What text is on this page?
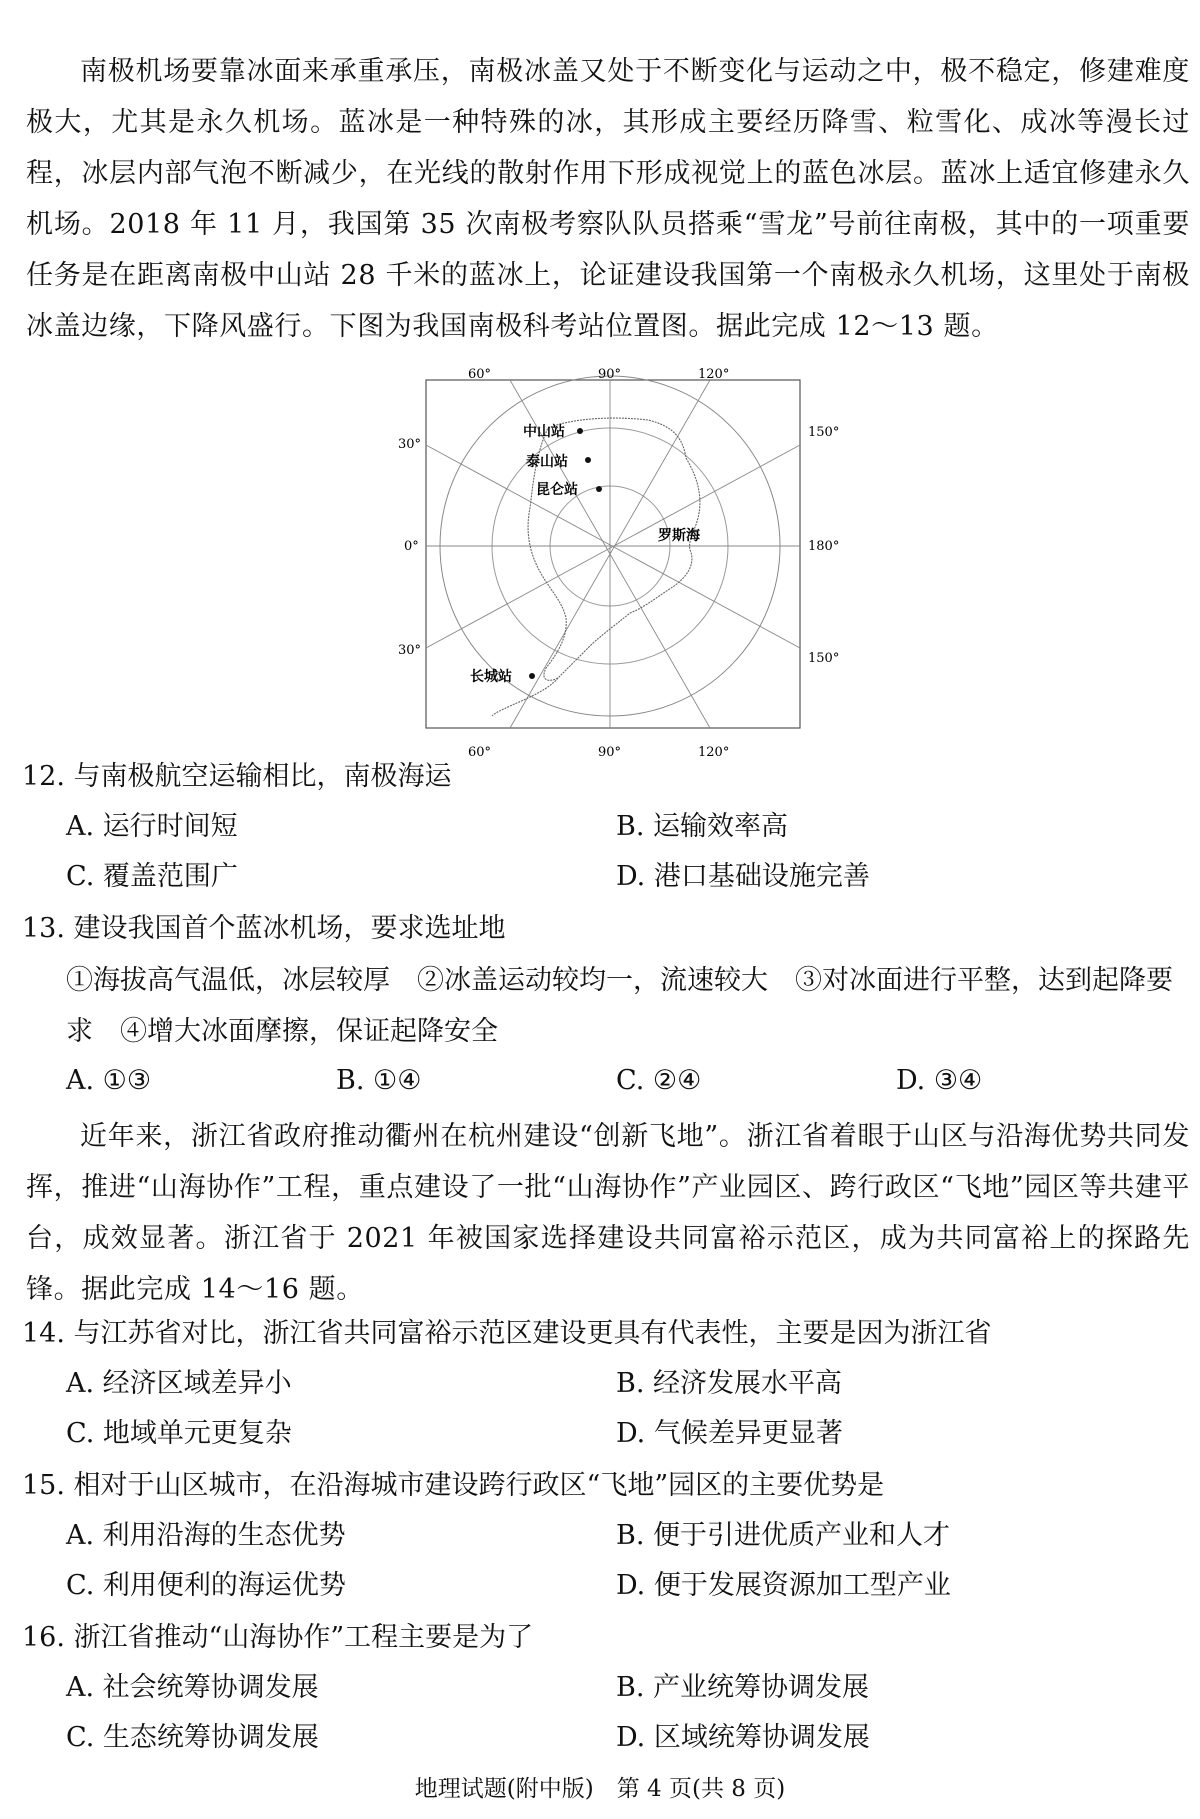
南极机场要靠冰面来承重承压，南极冰盖又处于不断变化与运动之中，极不稳定，修建难度极大，尤其是永久机场。蓝冰是一种特殊的冰，其形成主要经历降雪、粒雪化、成冰等漫长过程，冰层内部气泡不断减少，在光线的散射作用下形成视觉上的蓝色冰层。蓝冰上适宜修建永久机场。2018 年 11 月，我国第 35 次南极考察队队员搭乘“雪龙”号前往南极，其中的一项重要任务是在距离南极中山站 28 千米的蓝冰上，论证建设我国第一个南极永久机场，这里处于南极冰盖边缘，下降风盛行。下图为我国南极科考站位置图。据此完成 12～13 题。

60°	90°	120°
60°	90°	120°
30°
0°
30°
150°
180°
150°
中山站
泰山站
昆仑站
长城站
罗斯海
12. 与南极航空运输相比，南极海运
A. 运行时间短	B. 运输效率高
C. 覆盖范围广	D. 港口基础设施完善
13. 建设我国首个蓝冰机场，要求选址地
①海拔高气温低，冰层较厚　②冰盖运动较均一，流速较大　③对冰面进行平整，达到起降要求　④增大冰面摩擦，保证起降安全
A. ①③	B. ①④	C. ②④	D. ③④

近年来，浙江省政府推动衢州在杭州建设“创新飞地”。浙江省着眼于山区与沿海优势共同发挥，推进“山海协作”工程，重点建设了一批“山海协作”产业园区、跨行政区“飞地”园区等共建平台，成效显著。浙江省于 2021 年被国家选择建设共同富裕示范区，成为共同富裕上的探路先锋。据此完成 14～16 题。

14. 与江苏省对比，浙江省共同富裕示范区建设更具有代表性，主要是因为浙江省
A. 经济区域差异小	B. 经济发展水平高
C. 地域单元更复杂	D. 气候差异更显著
15. 相对于山区城市，在沿海城市建设跨行政区“飞地”园区的主要优势是
A. 利用沿海的生态优势	B. 便于引进优质产业和人才
C. 利用便利的海运优势	D. 便于发展资源加工型产业
16. 浙江省推动“山海协作”工程主要是为了
A. 社会统筹协调发展	B. 产业统筹协调发展
C. 生态统筹协调发展	D. 区域统筹协调发展
地理试题(附中版)　第 4 页(共 8 页)
